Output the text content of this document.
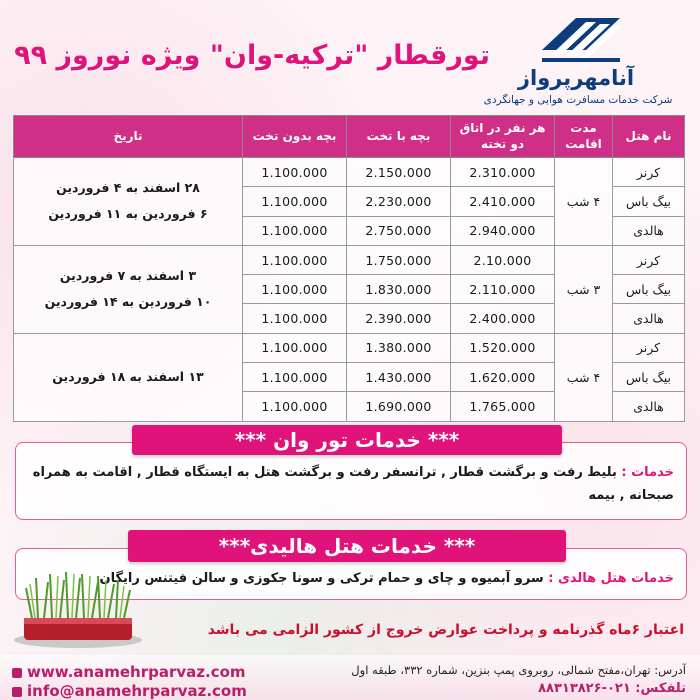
آنامهرپرواز
شرکت خدمات مسافرت هوایی و جهانگردی
تورقطار "ترکیه-وان" ویژه نوروز ۹۹
نام هتل	مدت اقامت	هر نفر در اتاق دو تخته	بچه با تخت	بچه بدون تخت	تاریخ
کرنر	۴ شب	2.310.000	2.150.000	1.100.000	۲۸ اسفند به ۴ فروردین
۶ فروردین به ۱۱ فروردین

بیگ باس		2.410.000	2.230.000	1.100.000	
هالدی		2.940.000	2.750.000	1.100.000	
کرنر	۳ شب	2.10.000	1.750.000	1.100.000	۳ اسفند به ۷ فروردین
۱۰ فروردین به ۱۴ فروردین

بیگ باس		2.110.000	1.830.000	1.100.000	
هالدی		2.400.000	2.390.000	1.100.000	
کرنر	۴ شب	1.520.000	1.380.000	1.100.000	۱۳ اسفند به ۱۸ فروردین

بیگ باس		1.620.000	1.430.000	1.100.000	
هالدی		1.765.000	1.690.000	1.100.000	
*** خدمات تور وان ***
خدمات : بلیط رفت و برگشت قطار , ترانسفر رفت و برگشت هتل به ایستگاه قطار , اقامت به همراه صبحانه , بیمه
*** خدمات هتل هالیدی***
خدمات هتل هالدی : سرو آبمیوه و چای و حمام ترکی و سونا جکوزی و سالن فیتنس رایگان
اعتبار ۶ماه گذرنامه و پرداخت عوارض خروج از کشور الزامی می باشد
www.anamehrparvaz.com
info@anamehrparvaz.com
آدرس: تهران،مفتح شمالی، روبروی پمپ بنزین، شماره ۳۳۲، طبقه اول
تلفکس: ۰۲۱-۸۸۳۱۳۸۲۶
